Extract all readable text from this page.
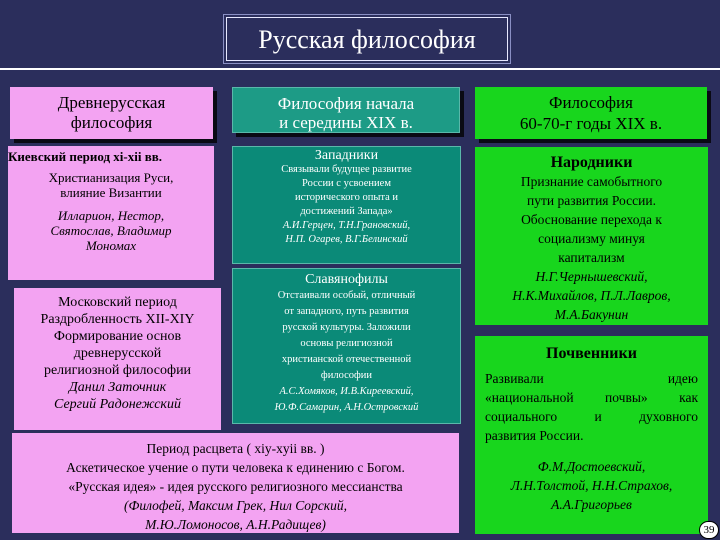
Русская философия
Древнерусская
философия
Философия начала
и середины XIX в.
Философия
60-70-г годы XIX в.
Киевский период xi-xii вв.
Христианизация Руси,
влияние Византии
Илларион, Нестор,
Святослав, Владимир
Мономах
Московский период
Раздробленность XII-XIY
Формирование основ
древнерусской
религиозной философии
Данил Заточник
Сергий Радонежский
Западники
Связывали будущее развитие
России с усвоением
исторического опыта и
достижений Запада»
А.И.Герцен, Т.Н.Грановский,
Н.П. Огарев, В.Г.Белинский
Славянофилы
Отстаивали особый, отличный
от западного, путь развития
русской культуры. Заложили
основы религиозной
христианской отечественной
философии
А.С.Хомяков, И.В.Киреевский,
Ю.Ф.Самарин, А.Н.Островский
Период расцвета ( xiy-xyii вв. )
Аскетическое учение о пути человека к единению с Богом.
«Русская идея» - идея русского религиозного мессианства
(Филофей, Максим Грек, Нил Сорский,
М.Ю.Ломоносов, А.Н.Радищев)
Народники
Признание самобытного
пути развития России.
Обоснование перехода к
социализму минуя
капитализм
Н.Г.Чернышевский,
Н.К.Михайлов, П.Л.Лавров,
М.А.Бакунин
Почвенники
Развивали идею
«национальной почвы» как
социального и духовного
развития России.
Ф.М.Достоевский,
Л.Н.Толстой, Н.Н.Страхов,
А.А.Григорьев
39
